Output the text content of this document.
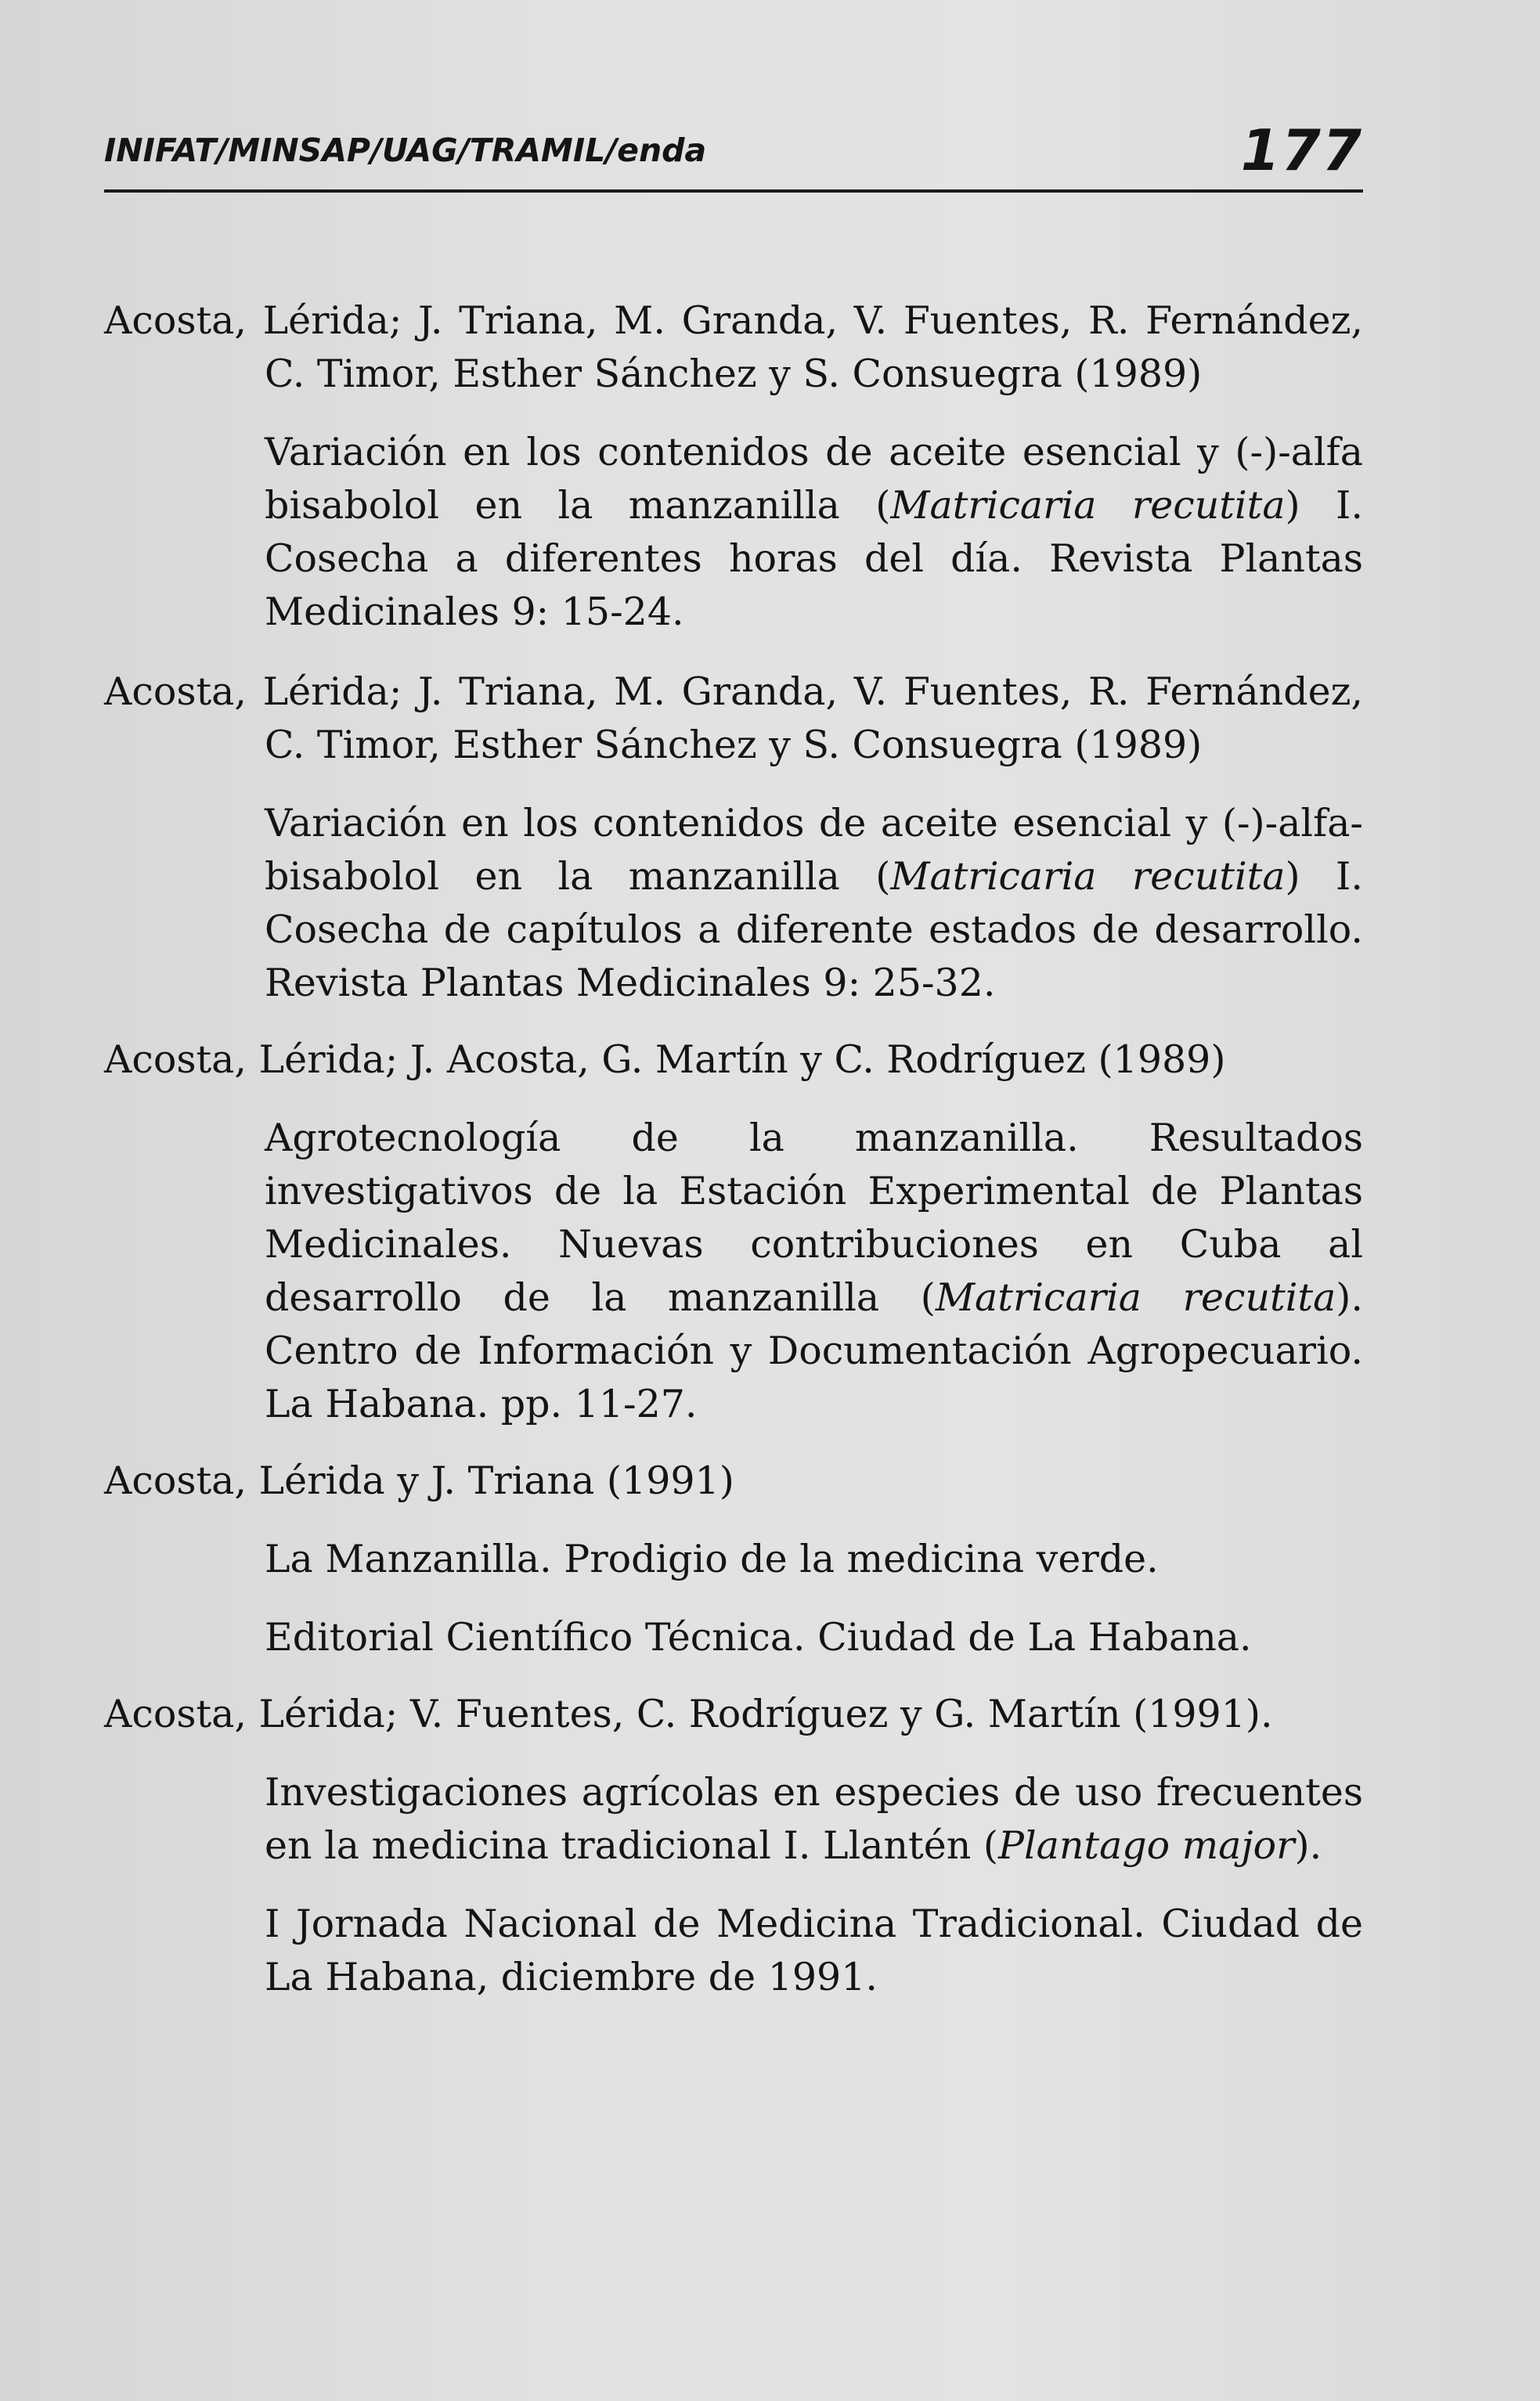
INIFAT/MINSAP/UAG/TRAMIL/enda	177

Acosta, Lérida; J. Triana, M. Granda, V. Fuentes, R. Fernández, C. Timor, Esther Sánchez y S. Consuegra (1989)

Variación en los contenidos de aceite esencial y (-)-alfa bisabolol en la manzanilla (Matricaria recutita) I. Cosecha a diferentes horas del día. Revista Plantas Medicinales 9: 15-24.

Acosta, Lérida; J. Triana, M. Granda, V. Fuentes, R. Fernández, C. Timor, Esther Sánchez y S. Consuegra (1989)

Variación en los contenidos de aceite esencial y (-)-alfa- bisabolol en la manzanilla (Matricaria recutita) I. Cosecha de capítulos a diferente estados de desarrollo. Revista Plantas Medicinales 9: 25-32.

Acosta, Lérida; J. Acosta, G. Martín y C. Rodríguez (1989)

Agrotecnología de la manzanilla. Resultados investigativos de la Estación Experimental de Plantas Medicinales. Nuevas contribuciones en Cuba al desarrollo de la manzanilla (Matricaria recutita). Centro de Información y Documentación Agropecuario. La Habana. pp. 11-27.

Acosta, Lérida y J. Triana (1991)

La Manzanilla. Prodigio de la medicina verde.

Editorial Científico Técnica. Ciudad de La Habana.

Acosta, Lérida; V. Fuentes, C. Rodríguez y G. Martín (1991).

Investigaciones agrícolas en especies de uso frecuentes en la medicina tradicional I. Llantén (Plantago major).

I Jornada Nacional de Medicina Tradicional. Ciudad de La Habana, diciembre de 1991.
